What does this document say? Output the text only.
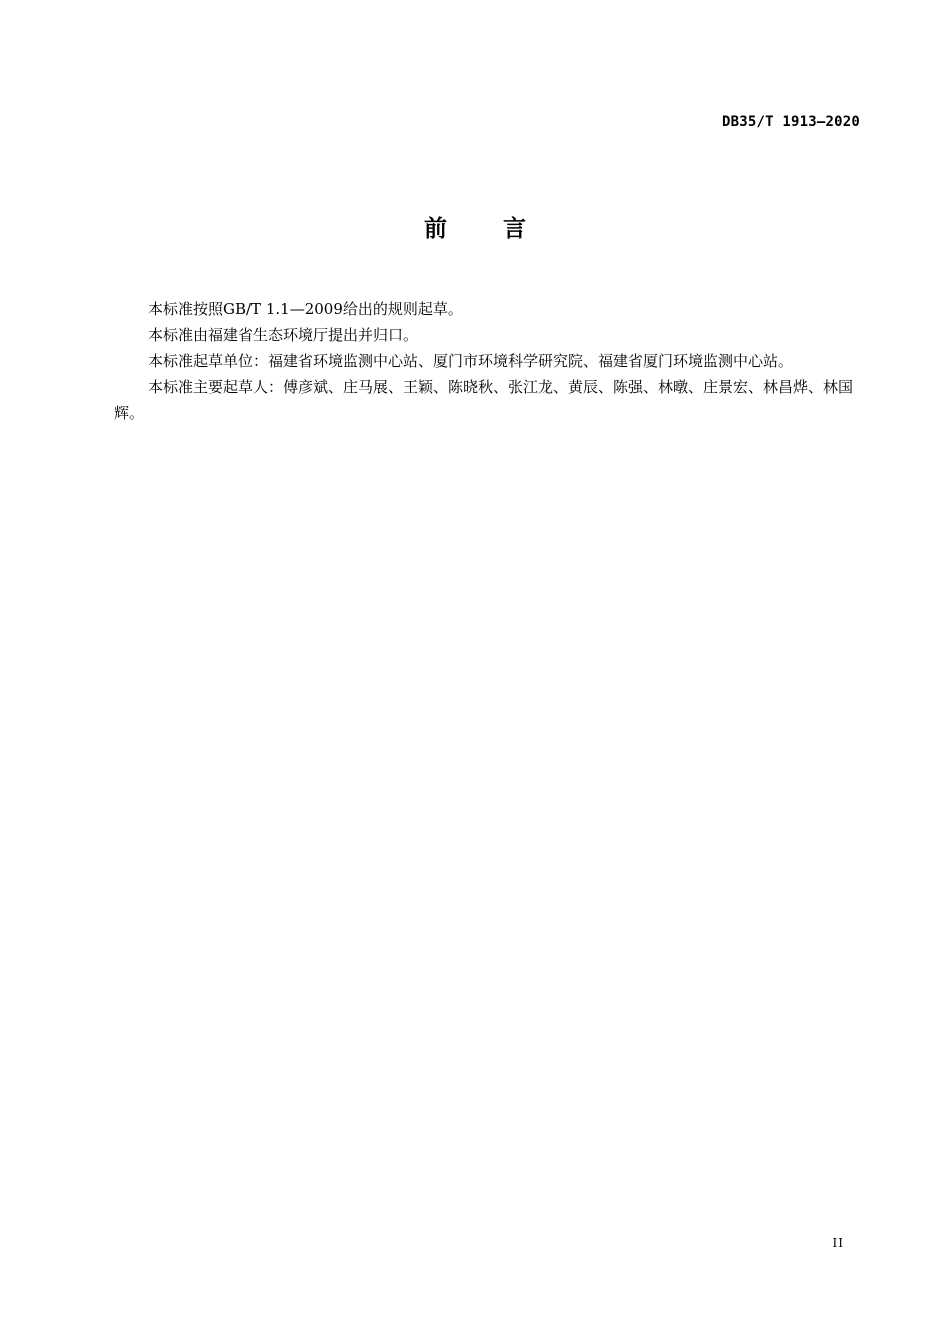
DB35/T 1913—2020
前言

本标准按照GB/T 1.1—2009给出的规则起草。

本标准由福建省生态环境厅提出并归口。

本标准起草单位：福建省环境监测中心站、厦门市环境科学研究院、福建省厦门环境监测中心站。

本标准主要起草人：傅彦斌、庄马展、王颖、陈晓秋、张江龙、黄辰、陈强、林暾、庄景宏、林昌烨、林国辉。

II
